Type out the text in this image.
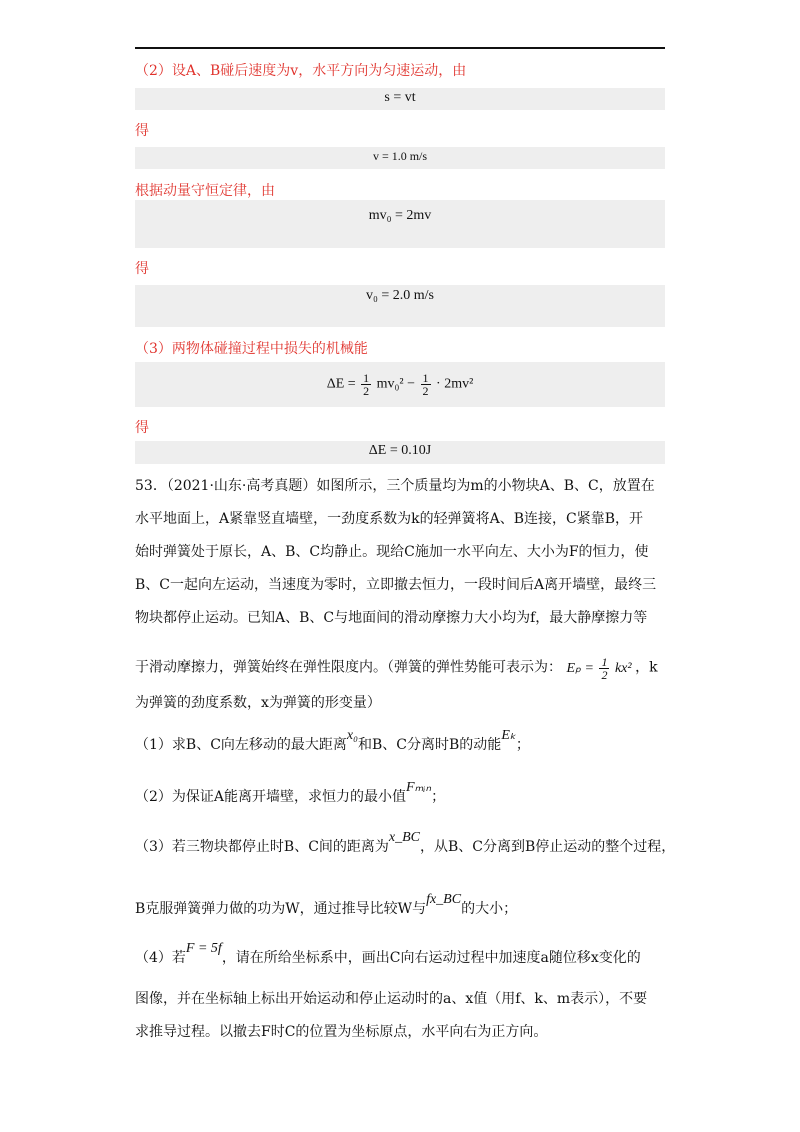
（2）设A、B碰后速度为v，水平方向为匀速运动，由
s = vt
得
v = 1.0 m/s
根据动量守恒定律，由
mv₀ = 2mv
得
v₀ = 2.0 m/s
（3）两物体碰撞过程中损失的机械能
$\Delta E = \frac{1}{2} mv_0^2 - \frac{1}{2} \cdot 2mv^2$
得
ΔE = 0.10J
53．（2021·山东·高考真题）如图所示，三个质量均为m的小物块A、B、C，放置在
水平地面上，A紧靠竖直墙壁，一劲度系数为k的轻弹簧将A、B连接，C紧靠B，开
始时弹簧处于原长，A、B、C均静止。现给C施加一水平向左、大小为F的恒力，使
B、C一起向左运动，当速度为零时，立即撤去恒力，一段时间后A离开墙壁，最终三
物块都停止运动。已知A、B、C与地面间的滑动摩擦力大小均为f，最大静摩擦力等
于滑动摩擦力，弹簧始终在弹性限度内。（弹簧的弹性势能可表示为： $E_p = \frac{1}{2} kx^2$ ，k
为弹簧的劲度系数，x为弹簧的形变量）
（1）求B、C向左移动的最大距离x₀和B、C分离时B的动能Eₖ；
（2）为保证A能离开墙壁，求恒力的最小值Fₘᵢₙ；
（3）若三物块都停止时B、C间的距离为x_BC，从B、C分离到B停止运动的整个过程，
B克服弹簧弹力做的功为W，通过推导比较W与fx_BC的大小；
（4）若F = 5f，请在所给坐标系中，画出C向右运动过程中加速度a随位移x变化的
图像，并在坐标轴上标出开始运动和停止运动时的a、x值（用f、k、m表示），不要
求推导过程。以撤去F时C的位置为坐标原点，水平向右为正方向。
